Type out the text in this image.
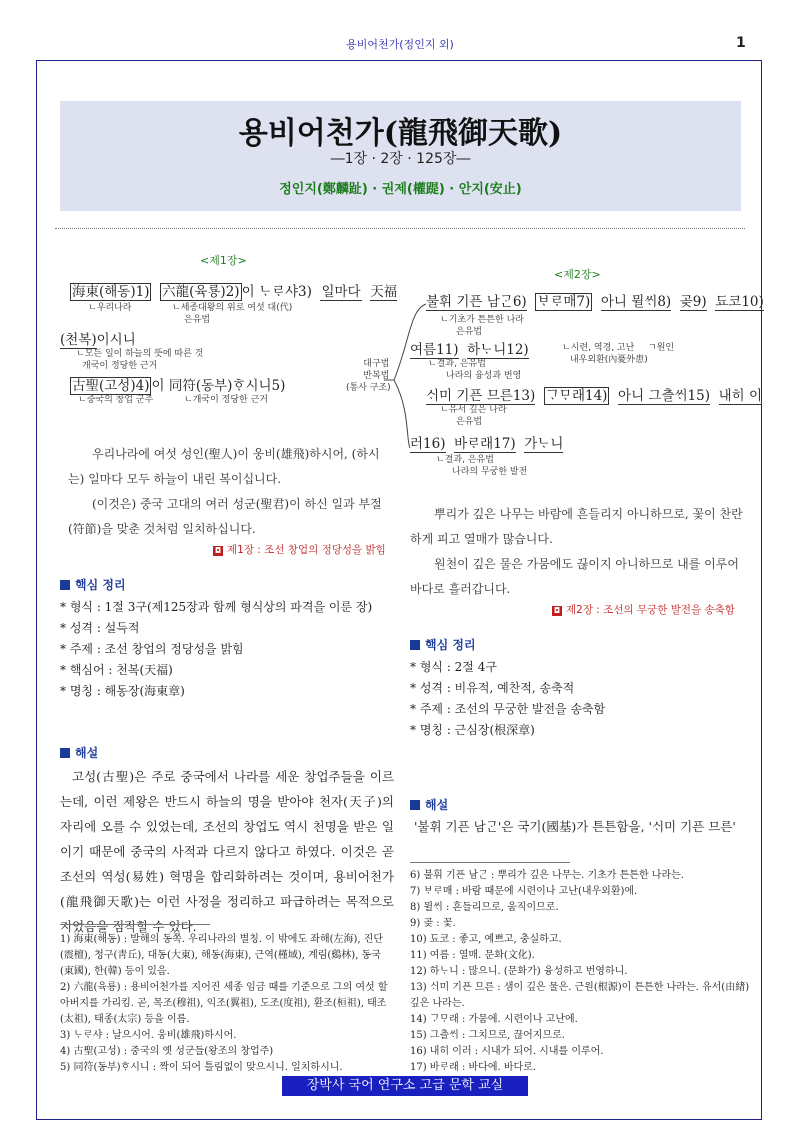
용비어천가(정인지 외)	1
용비어천가(龍飛御天歌)
―1장 · 2장 · 125장―
정인지(鄭麟趾) · 권제(權踶) · 안지(安止)
<제1장>
海東(해동)1) 六龍(육룡)2) 이 ᄂᆞᄅᆞ샤3) 일마다 天福
ㄴ우리나라	ㄴ세종대왕의 위로 여섯 대(代)
은유법
(천복)이시니
ㄴ모든 일이 하늘의 뜻에 따른 것
개국이 정당한 근거
古聖(고성)4) 이 同符(동부)ᄒᆞ시니5)
ㄴ중국의 창업 군주	ㄴ개국이 정당한 근거
대구법
반복법
(통사 구조)
우리나라에 여섯 성인(聖人)이 웅비(雄飛)하시어, (하시는) 일마다 모두 하늘이 내린 복이십니다.
(이것은) 중국 고대의 여러 성군(聖君)이 하신 일과 부절(符節)을 맞춘 것처럼 일치하십니다.
◘ 제1장 : 조선 창업의 정당성을 밝힘
핵심 정리
* 형식 : 1절 3구(제125장과 함께 형식상의 파격을 이룬 장)
* 성격 : 설득적
* 주제 : 조선 창업의 정당성을 밝힘
* 핵심어 : 천복(天福)
* 명칭 : 해동장(海東章)
해설
고성(古聖)은 주로 중국에서 나라를 세운 창업주들을 이르는데, 이런 제왕은 반드시 하늘의 명을 받아야 천자(天子)의 자리에 오를 수 있었는데, 조선의 창업도 역시 천명을 받은 일이기 때문에 중국의 사적과 다르지 않다고 하였다. 이것은 곧 조선의 역성(易姓) 혁명을 합리화하려는 것이며, 용비어천가(龍飛御天歌)는 이런 사정을 정리하고 파급하려는 목적으로 지었음을 짐작할 수 있다.
1) 海東(해동) : 발해의 동쪽. 우리나라의 별칭. 이 밖에도 좌해(左海), 진단(震檀), 청구(靑丘), 대동(大東), 해동(海東), 근역(槿域), 계림(鷄林), 동국(東國), 한(韓) 등이 있음.
2) 六龍(육룡) : 용비어천가를 지어진 세종 임금 때를 기준으로 그의 여섯 할아버지를 가리킴. 곧, 목조(穆祖), 익조(翼祖), 도조(度祖), 환조(桓祖), 태조(太祖), 태종(太宗) 등을 이름.
3) ᄂᆞᄅᆞ샤 : 날으시어. 웅비(雄飛)하시어.
4) 古聖(고성) : 중국의 옛 성군들(왕조의 창업주)
5) 同符(동부)ᄒᆞ시니 : 짝이 되어 틀림없이 맞으시니. 일치하시니.
<제2장>
불휘 기픈 남ᄀᆞᆫ6) ᄇᆞᄅᆞ매7) 아니 뮐ᄊᆡ8) 곶9) 됴코10)
ㄴ기초가 튼튼한 나라
은유법
여름11) 하ᄂᆞ니12)
ㄴ결과, 은유법
나라의 융성과 번영
ㄴ시련, 역경, 고난
내우외환(內憂外患)
ㄱ원인
ᄉᆡ미 기픈 므른13) ᄀᆞᄆᆞ래14) 아니 그츨ᄊᆡ15) 내히 이
ㄴ유서 깊은 나라
은유법
러16) 바ᄅᆞ래17) 가ᄂᆞ니
ㄴ결과, 은유법
나라의 무궁한 발전
뿌리가 깊은 나무는 바람에 흔들리지 아니하므로, 꽃이 찬란하게 피고 열매가 많습니다.
원천이 깊은 물은 가뭄에도 끊이지 아니하므로 내를 이루어 바다로 흘러갑니다.
◘ 제2장 : 조선의 무궁한 발전을 송축함
핵심 정리
* 형식 : 2절 4구
* 성격 : 비유적, 예찬적, 송축적
* 주제 : 조선의 무궁한 발전을 송축함
* 명칭 : 근심장(根深章)
해설
'불휘 기픈 남ᄀᆞᆫ'은 국기(國基)가 튼튼함을, 'ᄉᆡ미 기픈 므른'
6) 불휘 기픈 남ᄀᆞᆫ : 뿌리가 깊은 나무는. 기초가 튼튼한 나라는.
7) ᄇᆞᄅᆞ매 : 바람 때문에 시련이나 고난(내우외환)에.
8) 뮐ᄊᆡ : 흔들리므로, 움직이므로.
9) 곶 : 꽃.
10) 됴코 : 좋고, 예쁘고, 충실하고.
11) 여름 : 열매. 문화(文化).
12) 하ᄂᆞ니 : 많으니. (문화가) 융성하고 번영하니.
13) ᄉᆡ미 기픈 므른 : 샘이 깊은 물은. 근원(根源)이 튼튼한 나라는. 유서(由緖) 깊은 나라는.
14) ᄀᆞᄆᆞ래 : 가뭄에. 시련이나 고난에.
15) 그츨ᄊᆡ : 그치므로, 끊어지므로.
16) 내히 이러 : 시내가 되어. 시내를 이루어.
17) 바ᄅᆞ래 : 바다에. 바다로.
장박사 국어 연구소 고급 문학 교실
